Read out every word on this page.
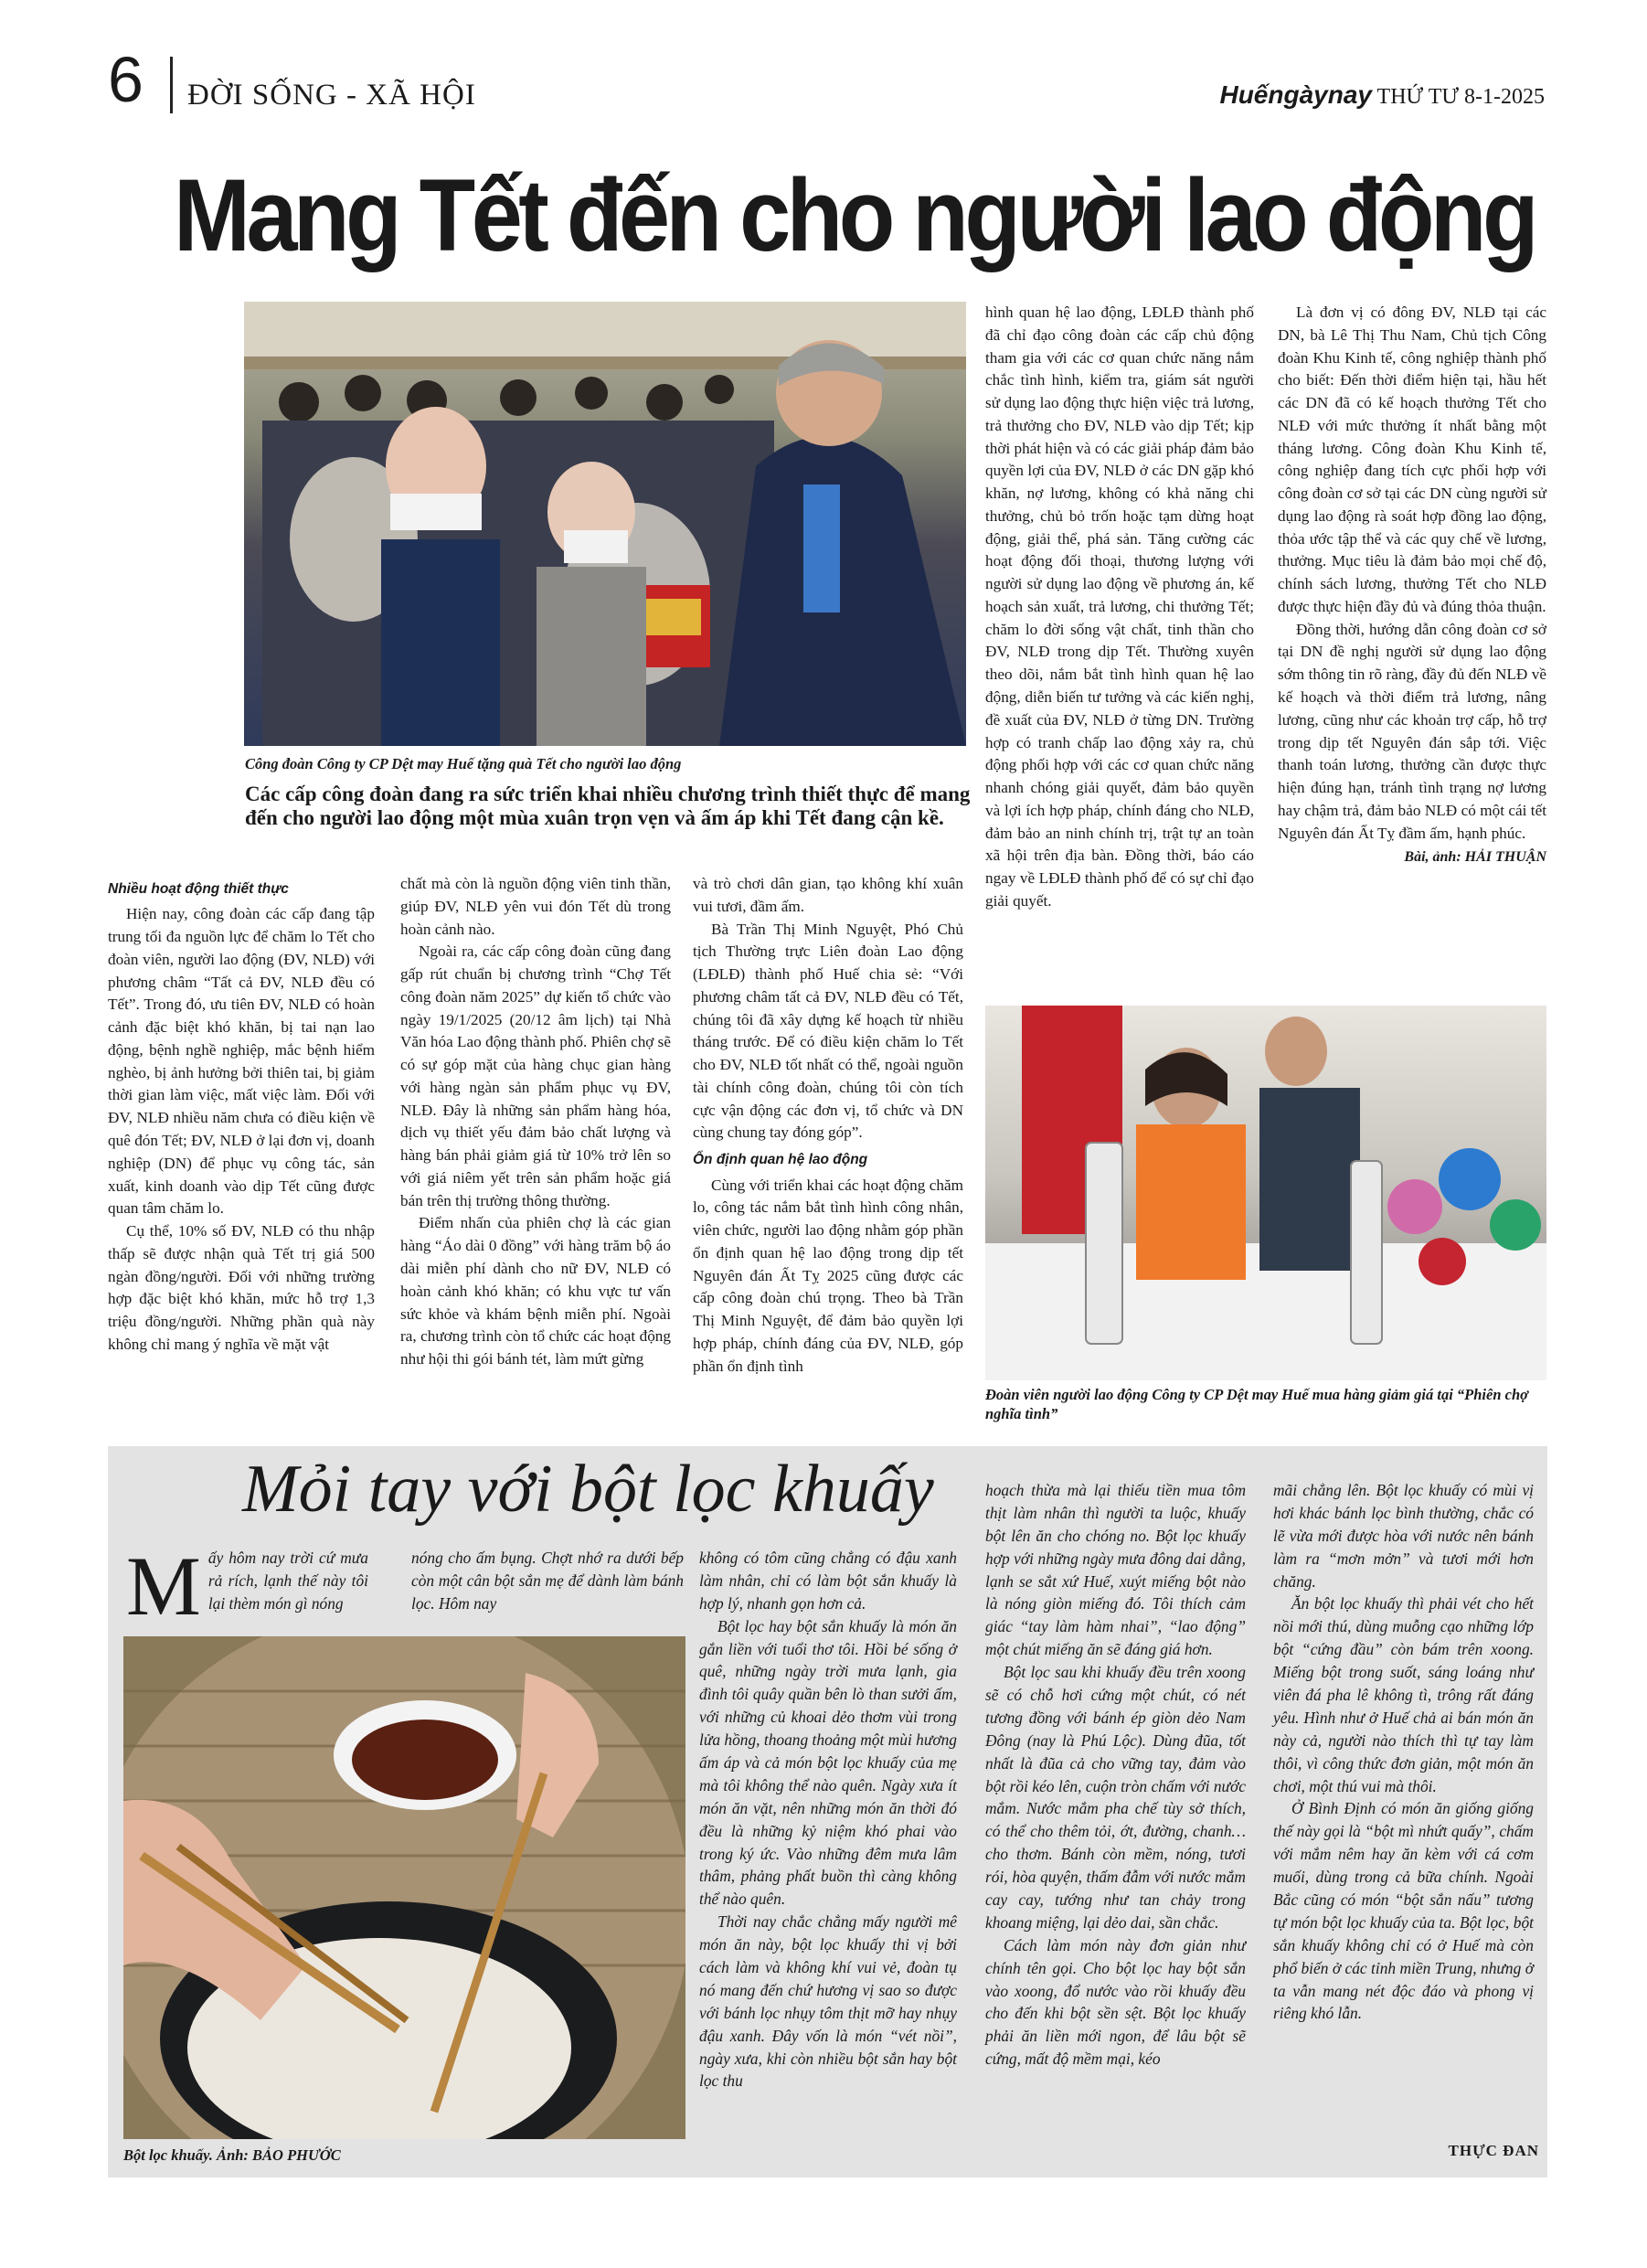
6 ĐỜI SỐNG - XÃ HỘI	Huếngàynay THỨ TƯ 8-1-2025
Mang Tết đến cho người lao động
Công đoàn Công ty CP Dệt may Huế tặng quà Tết cho người lao động
Các cấp công đoàn đang ra sức triển khai nhiều chương trình thiết thực để mang đến cho người lao động một mùa xuân trọn vẹn và ấm áp khi Tết đang cận kề.
Nhiều hoạt động thiết thực

Hiện nay, công đoàn các cấp đang tập trung tối đa nguồn lực để chăm lo Tết cho đoàn viên, người lao động (ĐV, NLĐ) với phương châm “Tất cả ĐV, NLĐ đều có Tết”. Trong đó, ưu tiên ĐV, NLĐ có hoàn cảnh đặc biệt khó khăn, bị tai nạn lao động, bệnh nghề nghiệp, mắc bệnh hiểm nghèo, bị ảnh hưởng bởi thiên tai, bị giảm thời gian làm việc, mất việc làm. Đối với ĐV, NLĐ nhiều năm chưa có điều kiện về quê đón Tết; ĐV, NLĐ ở lại đơn vị, doanh nghiệp (DN) để phục vụ công tác, sản xuất, kinh doanh vào dịp Tết cũng được quan tâm chăm lo.

Cụ thể, 10% số ĐV, NLĐ có thu nhập thấp sẽ được nhận quà Tết trị giá 500 ngàn đồng/người. Đối với những trường hợp đặc biệt khó khăn, mức hỗ trợ 1,3 triệu đồng/người. Những phần quà này không chỉ mang ý nghĩa về mặt vật

chất mà còn là nguồn động viên tinh thần, giúp ĐV, NLĐ yên vui đón Tết dù trong hoàn cảnh nào.

Ngoài ra, các cấp công đoàn cũng đang gấp rút chuẩn bị chương trình “Chợ Tết công đoàn năm 2025” dự kiến tổ chức vào ngày 19/1/2025 (20/12 âm lịch) tại Nhà Văn hóa Lao động thành phố. Phiên chợ sẽ có sự góp mặt của hàng chục gian hàng với hàng ngàn sản phẩm phục vụ ĐV, NLĐ. Đây là những sản phẩm hàng hóa, dịch vụ thiết yếu đảm bảo chất lượng và hàng bán phải giảm giá từ 10% trở lên so với giá niêm yết trên sản phẩm hoặc giá bán trên thị trường thông thường.

Điểm nhấn của phiên chợ là các gian hàng “Áo dài 0 đồng” với hàng trăm bộ áo dài miễn phí dành cho nữ ĐV, NLĐ có hoàn cảnh khó khăn; có khu vực tư vấn sức khỏe và khám bệnh miễn phí. Ngoài ra, chương trình còn tổ chức các hoạt động như hội thi gói bánh tét, làm mứt gừng

và trò chơi dân gian, tạo không khí xuân vui tươi, đầm ấm.

Bà Trần Thị Minh Nguyệt, Phó Chủ tịch Thường trực Liên đoàn Lao động (LĐLĐ) thành phố Huế chia sẻ: “Với phương châm tất cả ĐV, NLĐ đều có Tết, chúng tôi đã xây dựng kế hoạch từ nhiều tháng trước. Để có điều kiện chăm lo Tết cho ĐV, NLĐ tốt nhất có thể, ngoài nguồn tài chính công đoàn, chúng tôi còn tích cực vận động các đơn vị, tổ chức và DN cùng chung tay đóng góp”.

Ổn định quan hệ lao động

Cùng với triển khai các hoạt động chăm lo, công tác nắm bắt tình hình công nhân, viên chức, người lao động nhằm góp phần ổn định quan hệ lao động trong dịp tết Nguyên đán Ất Tỵ 2025 cũng được các cấp công đoàn chú trọng. Theo bà Trần Thị Minh Nguyệt, để đảm bảo quyền lợi hợp pháp, chính đáng của ĐV, NLĐ, góp phần ổn định tình

hình quan hệ lao động, LĐLĐ thành phố đã chỉ đạo công đoàn các cấp chủ động tham gia với các cơ quan chức năng nắm chắc tình hình, kiểm tra, giám sát người sử dụng lao động thực hiện việc trả lương, trả thưởng cho ĐV, NLĐ vào dịp Tết; kịp thời phát hiện và có các giải pháp đảm bảo quyền lợi của ĐV, NLĐ ở các DN gặp khó khăn, nợ lương, không có khả năng chi thưởng, chủ bỏ trốn hoặc tạm dừng hoạt động, giải thể, phá sản. Tăng cường các hoạt động đối thoại, thương lượng với người sử dụng lao động về phương án, kế hoạch sản xuất, trả lương, chi thưởng Tết; chăm lo đời sống vật chất, tinh thần cho ĐV, NLĐ trong dịp Tết. Thường xuyên theo dõi, nắm bắt tình hình quan hệ lao động, diễn biến tư tưởng và các kiến nghị, đề xuất của ĐV, NLĐ ở từng DN. Trường hợp có tranh chấp lao động xảy ra, chủ động phối hợp với các cơ quan chức năng nhanh chóng giải quyết, đảm bảo quyền và lợi ích hợp pháp, chính đáng cho NLĐ, đảm bảo an ninh chính trị, trật tự an toàn xã hội trên địa bàn. Đồng thời, báo cáo ngay về LĐLĐ thành phố để có sự chỉ đạo giải quyết.

Là đơn vị có đông ĐV, NLĐ tại các DN, bà Lê Thị Thu Nam, Chủ tịch Công đoàn Khu Kinh tế, công nghiệp thành phố cho biết: Đến thời điểm hiện tại, hầu hết các DN đã có kế hoạch thưởng Tết cho NLĐ với mức thưởng ít nhất bằng một tháng lương. Công đoàn Khu Kinh tế, công nghiệp đang tích cực phối hợp với công đoàn cơ sở tại các DN cùng người sử dụng lao động rà soát hợp đồng lao động, thỏa ước tập thể và các quy chế về lương, thưởng. Mục tiêu là đảm bảo mọi chế độ, chính sách lương, thưởng Tết cho NLĐ được thực hiện đầy đủ và đúng thỏa thuận.

Đồng thời, hướng dẫn công đoàn cơ sở tại DN đề nghị người sử dụng lao động sớm thông tin rõ ràng, đầy đủ đến NLĐ về kế hoạch và thời điểm trả lương, nâng lương, cũng như các khoản trợ cấp, hỗ trợ trong dịp tết Nguyên đán sắp tới. Việc thanh toán lương, thưởng cần được thực hiện đúng hạn, tránh tình trạng nợ lương hay chậm trả, đảm bảo NLĐ có một cái tết Nguyên đán Ất Tỵ đầm ấm, hạnh phúc.

Bài, ảnh: HẢI THUẬN
Đoàn viên người lao động Công ty CP Dệt may Huế mua hàng giảm giá tại “Phiên chợ nghĩa tình”
Mỏi tay với bột lọc khuấy
Mấy hôm nay trời cứ mưa rả rích, lạnh thế này tôi lại thèm món gì nóng
nóng cho ấm bụng. Chợt nhớ ra dưới bếp còn một cân bột sắn mẹ để dành làm bánh lọc. Hôm nay
Bột lọc khuấy. Ảnh: BẢO PHƯỚC

không có tôm cũng chẳng có đậu xanh làm nhân, chỉ có làm bột sắn khuấy là hợp lý, nhanh gọn hơn cả.

Bột lọc hay bột sắn khuấy là món ăn gắn liền với tuổi thơ tôi. Hồi bé sống ở quê, những ngày trời mưa lạnh, gia đình tôi quây quần bên lò than sưởi ấm, với những củ khoai dẻo thơm vùi trong lửa hồng, thoang thoảng một mùi hương ấm áp và cả món bột lọc khuấy của mẹ mà tôi không thể nào quên. Ngày xưa ít món ăn vặt, nên những món ăn thời đó đều là những kỷ niệm khó phai vào trong ký ức. Vào những đêm mưa lâm thâm, phảng phất buồn thì càng không thể nào quên.

Thời nay chắc chẳng mấy người mê món ăn này, bột lọc khuấy thi vị bởi cách làm và không khí vui vẻ, đoàn tụ nó mang đến chứ hương vị sao so được với bánh lọc nhụy tôm thịt mỡ hay nhụy đậu xanh. Đây vốn là món “vét nồi”, ngày xưa, khi còn nhiều bột sắn hay bột lọc thu

hoạch thừa mà lại thiếu tiền mua tôm thịt làm nhân thì người ta luộc, khuấy bột lên ăn cho chóng no. Bột lọc khuấy hợp với những ngày mưa đông dai dẳng, lạnh se sắt xứ Huế, xuýt miếng bột nào là nóng giòn miếng đó. Tôi thích cảm giác “tay làm hàm nhai”, “lao động” một chút miếng ăn sẽ đáng giá hơn.

Bột lọc sau khi khuấy đều trên xoong sẽ có chỗ hơi cứng một chút, có nét tương đồng với bánh ép giòn dẻo Nam Đông (nay là Phú Lộc). Dùng đũa, tốt nhất là đũa cả cho vững tay, đảm vào bột rồi kéo lên, cuộn tròn chấm với nước mắm. Nước mắm pha chế tùy sở thích, có thể cho thêm tỏi, ớt, đường, chanh… cho thơm. Bánh còn mềm, nóng, tươi rói, hòa quyện, thấm đẫm với nước mắm cay cay, tướng như tan chảy trong khoang miệng, lại dẻo dai, sần chắc.

Cách làm món này đơn giản như chính tên gọi. Cho bột lọc hay bột sắn vào xoong, đổ nước vào rồi khuấy đều cho đến khi bột sền sệt. Bột lọc khuấy phải ăn liền mới ngon, để lâu bột sẽ cứng, mất độ mềm mại, kéo

mãi chẳng lên. Bột lọc khuấy có mùi vị hơi khác bánh lọc bình thường, chắc có lẽ vừa mới được hòa với nước nên bánh làm ra “mơn mởn” và tươi mới hơn chăng.

Ăn bột lọc khuấy thì phải vét cho hết nồi mới thú, dùng muỗng cạo những lớp bột “cứng đầu” còn bám trên xoong. Miếng bột trong suốt, sáng loáng như viên đá pha lê không tì, trông rất đáng yêu. Hình như ở Huế chả ai bán món ăn này cả, người nào thích thì tự tay làm thôi, vì công thức đơn giản, một món ăn chơi, một thú vui mà thôi.

Ở Bình Định có món ăn giống giống thế này gọi là “bột mì nhứt quấy”, chấm với mắm nêm hay ăn kèm với cá cơm muối, dùng trong cả bữa chính. Ngoài Bắc cũng có món “bột sắn nấu” tương tự món bột lọc khuấy của ta. Bột lọc, bột sắn khuấy không chỉ có ở Huế mà còn phổ biến ở các tỉnh miền Trung, nhưng ở ta vẫn mang nét độc đáo và phong vị riêng khó lẫn.

THỰC ĐAN
